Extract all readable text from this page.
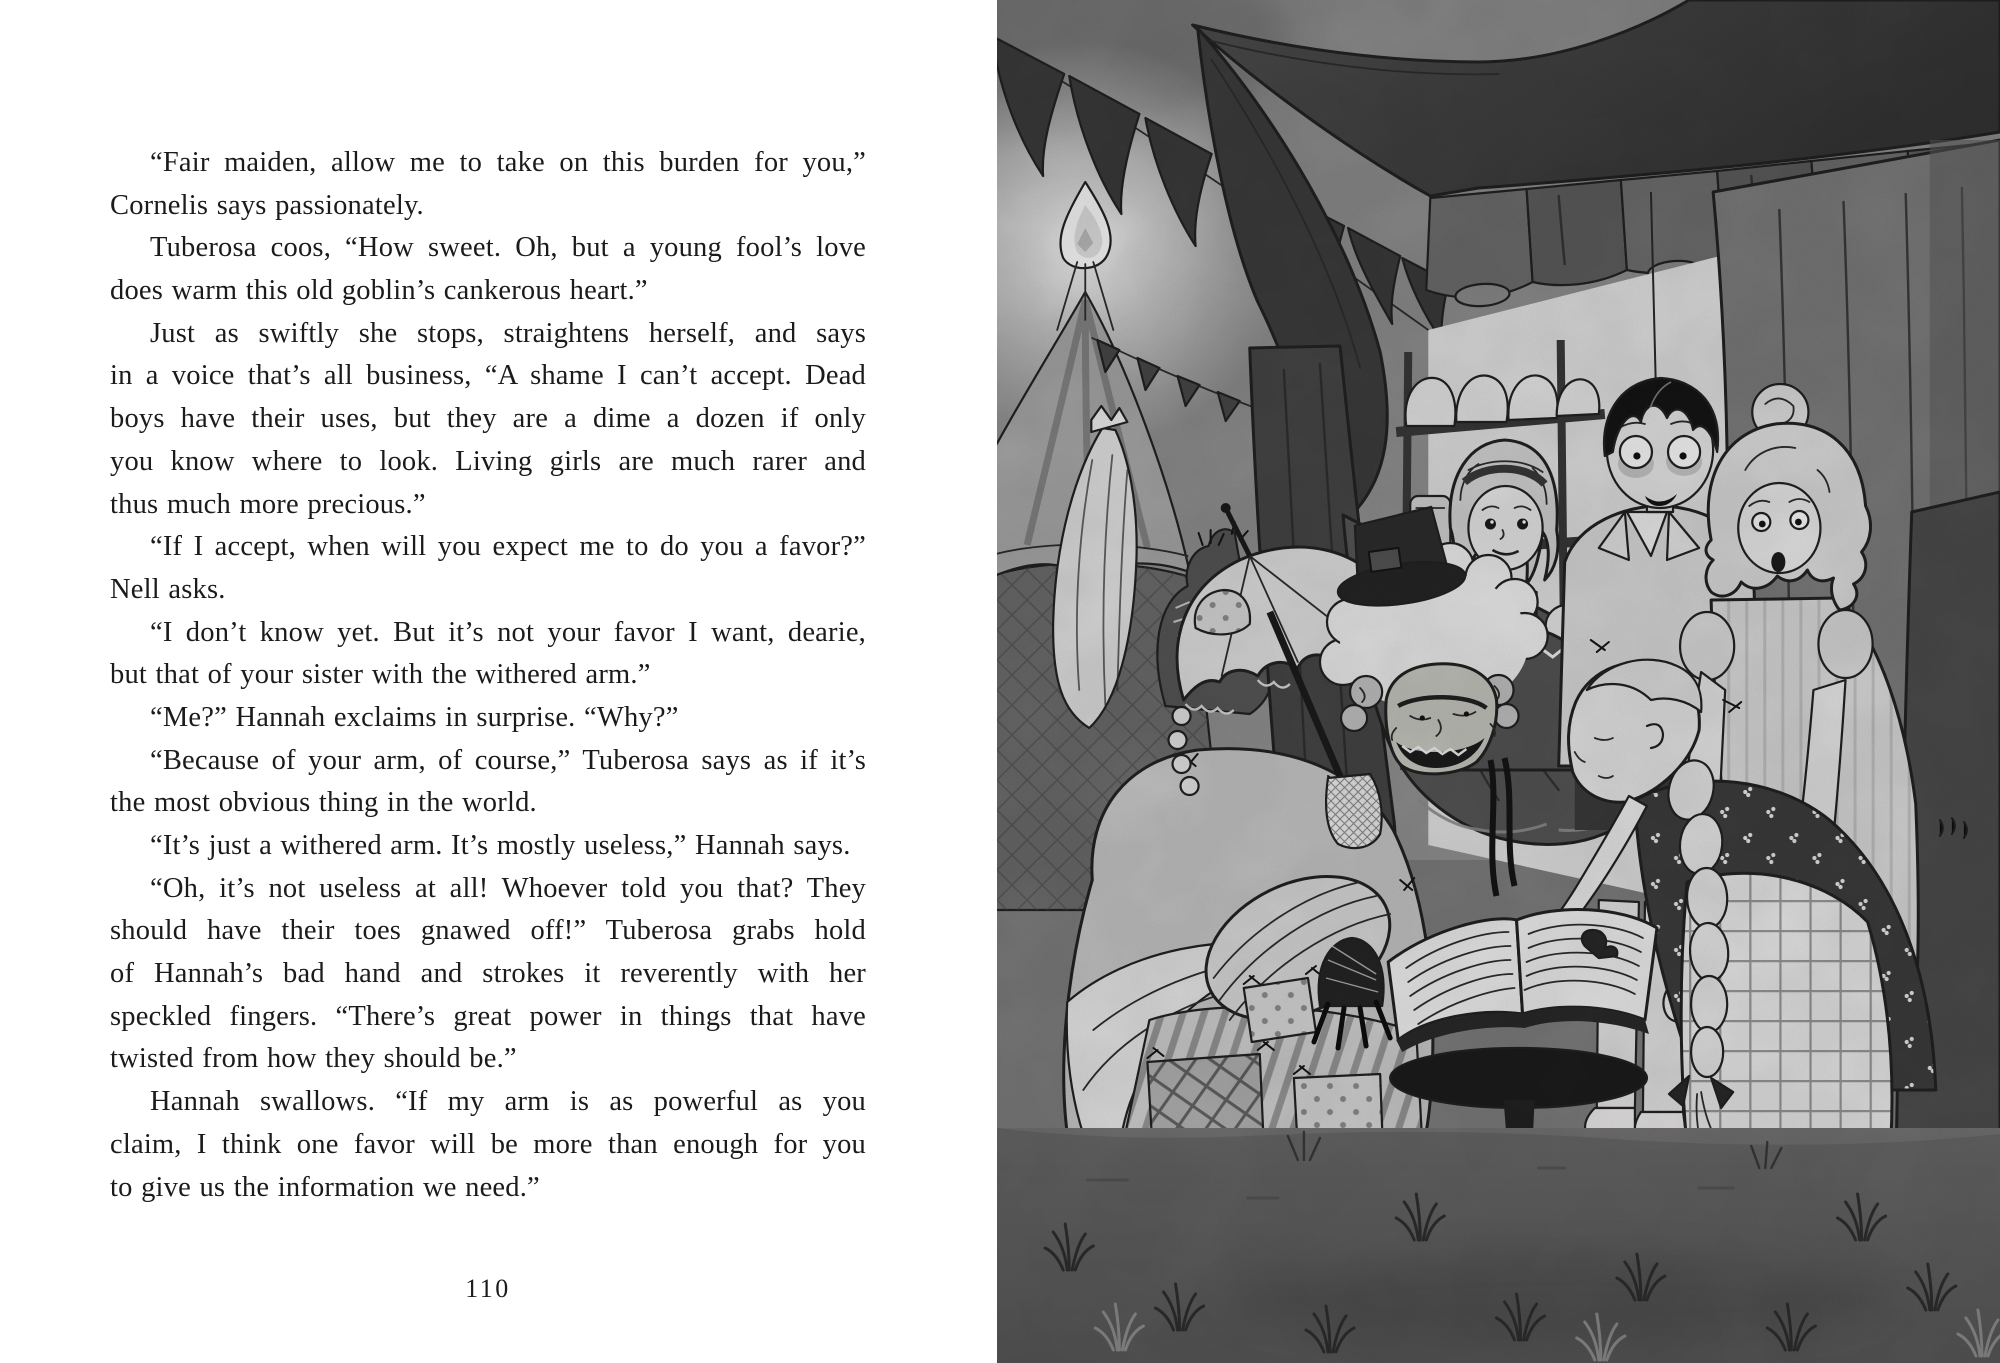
“Fair maiden, allow me to take on this burden for you,”
Cornelis says passionately.
Tuberosa coos, “How sweet. Oh, but a young fool’s love
does warm this old goblin’s cankerous heart.”
Just as swiftly she stops, straightens herself, and says
in a voice that’s all business, “A shame I can’t accept. Dead
boys have their uses, but they are a dime a dozen if only
you know where to look. Living girls are much rarer and
thus much more precious.”
“If I accept, when will you expect me to do you a favor?”
Nell asks.
“I don’t know yet. But it’s not your favor I want, dearie,
but that of your sister with the withered arm.”
“Me?” Hannah exclaims in surprise. “Why?”
“Because of your arm, of course,” Tuberosa says as if it’s
the most obvious thing in the world.
“It’s just a withered arm. It’s mostly useless,” Hannah says.
“Oh, it’s not useless at all! Whoever told you that? They
should have their toes gnawed off!” Tuberosa grabs hold
of Hannah’s bad hand and strokes it reverently with her
speckled fingers. “There’s great power in things that have
twisted from how they should be.”
Hannah swallows. “If my arm is as powerful as you
claim, I think one favor will be more than enough for you
to give us the information we need.”
110
